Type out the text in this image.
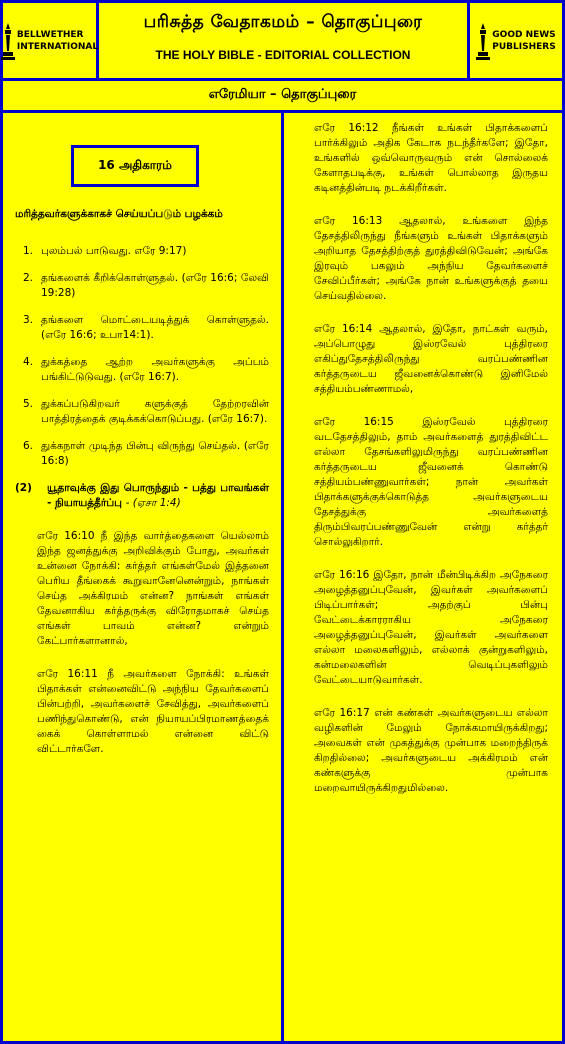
BELLWETHER
INTERNATIONAL
பரிசுத்த வேதாகமம் – தொகுப்புரை
THE HOLY BIBLE - EDITORIAL COLLECTION
GOOD NEWS
PUBLISHERS
எரேமியா – தொகுப்புரை
16 அதிகாரம்
மரித்தவர்களுக்காகச் செய்யப்படும் பழக்கம்
1. புலம்பல் பாடுவது. எரே 9:17)
2. தங்களைக் கீறிக்கொள்ளுதல். (எரே 16:6; லேவி 19:28)
3. தங்களை மொட்டையடித்துக் கொள்ளுதல். (எரே 16:6; உபா14:1).
4. துக்கத்தை ஆற்ற அவர்களுக்கு அப்பம் பங்கிட்டுடுவது. (எரே 16:7).
5. துக்கப்படுகிறவர் களுக்குத் தேற்றரவின் பாத்திரத்தைக் குடிக்கக்கொடுப்பது. (எரே 16:7).
6. துக்கநாள் முடிந்த பின்பு விருந்து செய்தல். (எரே 16:8)
(2)	யூதாவுக்கு இது பொருந்தும் - பத்து பாவங்கள் - நியாயத்தீர்ப்பு - (ஏசா 1:4)

எரே 16:10 நீ இந்த வார்த்தைகளை யெல்லாம் இந்த ஜனத்துக்கு அறிவிக்கும் போது, அவர்கள் உன்னை நோக்கி: கர்த்தர் எங்கள்மேல் இத்தனை பெரிய தீங்கைக் கூறுவானேனென்றும், நாங்கள் செய்த அக்கிரமம் என்ன? நாங்கள் எங்கள் தேவனாகிய கர்த்தருக்கு விரோதமாகச் செய்த எங்கள் பாவம் என்ன? என்றும் கேட்பார்களானால்,

எரே 16:11 நீ அவர்களை நோக்கி: உங்கள் பிதாக்கள் என்னைவிட்டு அந்நிய தேவர்களைப் பின்பற்றி, அவர்களைச் சேவித்து, அவர்களைப் பணிந்துகொண்டு, என் நியாயப்பிரமாணத்தைக் கைக் கொள்ளாமல் என்னை விட்டு விட்டார்களே.

எரே 16:12 நீங்கள் உங்கள் பிதாக்களைப் பார்க்கிலும் அதிக கேடாக நடந்தீர்களே; இதோ, உங்களில் ஒவ்வொருவரும் என் சொல்லைக் கேளாதபடிக்கு, உங்கள் பொல்லாத இருதய கடினத்தின்படி நடக்கிறீர்கள்.

எரே 16:13 ஆதலால், உங்களை இந்த தேசத்திலிருந்து நீங்களும் உங்கள் பிதாக்களும் அறியாத தேசத்திற்குத் துரத்திவிடுவேன்; அங்கே இரவும் பகலும் அந்நிய தேவர்களைச் சேவிப்பீர்கள்; அங்கே நான் உங்களுக்குத் தயை செய்வதில்லை.

எரே 16:14 ஆதலால், இதோ, நாட்கள் வரும், அப்பொழுது இஸ்ரவேல் புத்திரரை எகிப்துதேசத்திலிருந்து வரப்பண்ணின கர்த்தருடைய ஜீவனைக்கொண்டு இனிமேல் சத்தியம்பண்ணாமல்,

எரே 16:15 இஸ்ரவேல் புத்திரரை வடதேசத்திலும், தாம் அவர்களைத் துரத்திவிட்ட எல்லா தேசங்களிலுமிருந்து வரப்பண்ணின கர்த்தருடைய ஜீவனைக் கொண்டு சத்தியம்பண்ணுவார்கள்; நான் அவர்கள் பிதாக்களுக்குக்கொடுத்த அவர்களுடைய தேசத்துக்கு அவர்களைத் திரும்பிவரப்பண்ணுவேன் என்று கர்த்தர் சொல்லுகிறார்.

எரே 16:16 இதோ, நான் மீன்பிடிக்கிற அநேகரை அழைத்தனுப்புவேன், இவர்கள் அவர்களைப் பிடிப்பார்கள்; அதற்குப் பின்பு வேட்டைக்காரராகிய அநேகரை அழைத்தனுப்புவேன், இவர்கள் அவர்களை எல்லா மலைகளிலும், எல்லாக் குன்றுகளிலும், கன்மலைகளின் வெடிப்புகளிலும் வேட்டையாடுவார்கள்.

எரே 16:17 என் கண்கள் அவர்களுடைய எல்லா வழிகளின் மேலும் நோக்கமாயிருக்கிறது; அவைகள் என் முகத்துக்கு முன்பாக மறைந்திருக் கிறதில்லை; அவர்களுடைய அக்கிரமம் என் கண்களுக்கு முன்பாக மறைவாயிருக்கிறதுமில்லை.
